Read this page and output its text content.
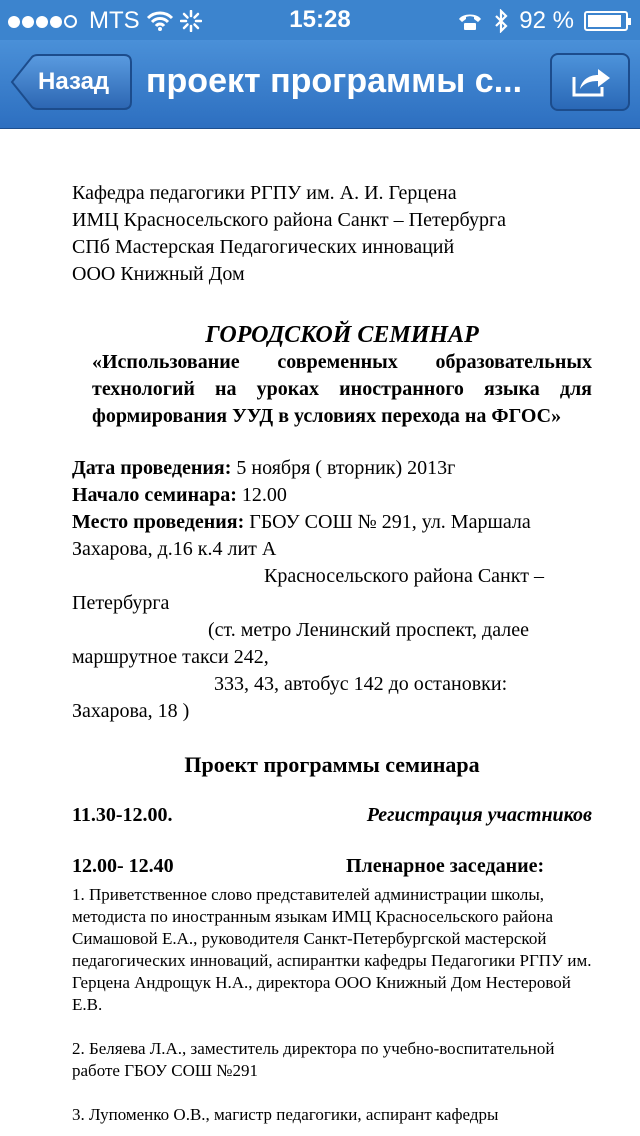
MTS	15:28	92 %
Назад проект программы с...

Кафедра педагогики РГПУ им. А. И. Герцена

ИМЦ Красносельского района Санкт – Петербурга

СПб Мастерская Педагогических инноваций

ООО Книжный Дом

ГОРОДСКОЙ СЕМИНАР

«Использование современных образовательных технологий на уроках иностранного языка для формирования УУД в условиях перехода на ФГОС»

Дата проведения: 5 ноября ( вторник) 2013г

Начало семинара: 12.00

Место проведения: ГБОУ СОШ № 291, ул. Маршала Захарова, д.16 к.4 лит А

Красносельского района Санкт – Петербурга

(ст. метро Ленинский проспект, далее маршрутное такси 242,

333, 43, автобус 142 до остановки: Захарова, 18 )

Проект программы семинара

11.30-12.00.	Регистрация участников
12.00- 12.40	Пленарное заседание:

1. Приветственное слово представителей администрации школы, методиста по иностранным языкам ИМЦ Красносельского района Симашовой Е.А., руководителя Санкт-Петербургской мастерской педагогических инноваций, аспирантки кафедры Педагогики РГПУ им. Герцена Андрощук Н.А., директора ООО Книжный Дом Нестеровой Е.В.

2. Беляева Л.А., заместитель директора по учебно-воспитательной работе ГБОУ СОШ №291

3. Лупоменко О.В., магистр педагогики, аспирант кафедры
